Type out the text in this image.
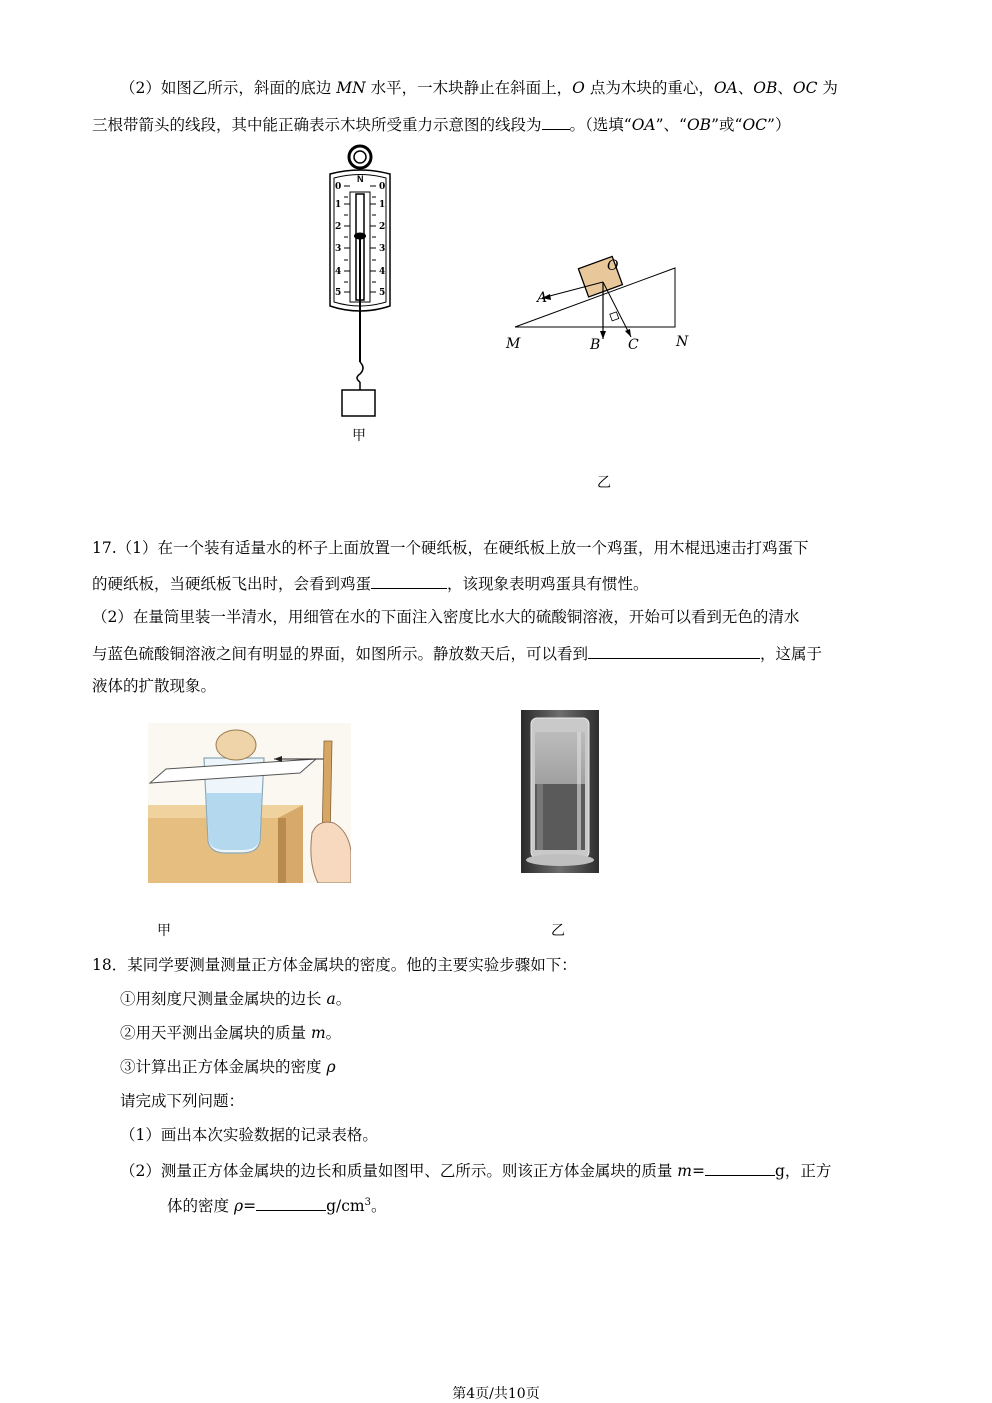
（2）如图乙所示，斜面的底边 MN 水平，一木块静止在斜面上，O 点为木块的重心，OA、OB、OC 为
三根带箭头的线段，其中能正确表示木块所受重力示意图的线段为 。（选填“OA”、“OB”或“OC”）
N
0
1
2
3
4
5
0
1
2
3
4
5
甲
O
A
M	B C	N
乙
17.（1）在一个装有适量水的杯子上面放置一个硬纸板，在硬纸板上放一个鸡蛋，用木棍迅速击打鸡蛋下
的硬纸板，当硬纸板飞出时，会看到鸡蛋	，该现象表明鸡蛋具有惯性。
（2）在量筒里装一半清水，用细管在水的下面注入密度比水大的硫酸铜溶液，开始可以看到无色的清水
与蓝色硫酸铜溶液之间有明显的界面，如图所示。静放数天后，可以看到	，这属于
液体的扩散现象。
甲	乙
18．某同学要测量测量正方体金属块的密度。他的主要实验步骤如下：
①用刻度尺测量金属块的边长 a。
②用天平测出金属块的质量 m。
③计算出正方体金属块的密度 ρ
请完成下列问题：
（1）画出本次实验数据的记录表格。
（2）测量正方体金属块的边长和质量如图甲、乙所示。则该正方体金属块的质量 m=	g，正方
体的密度 ρ=	$g/cm^3$。
第4页/共10页
